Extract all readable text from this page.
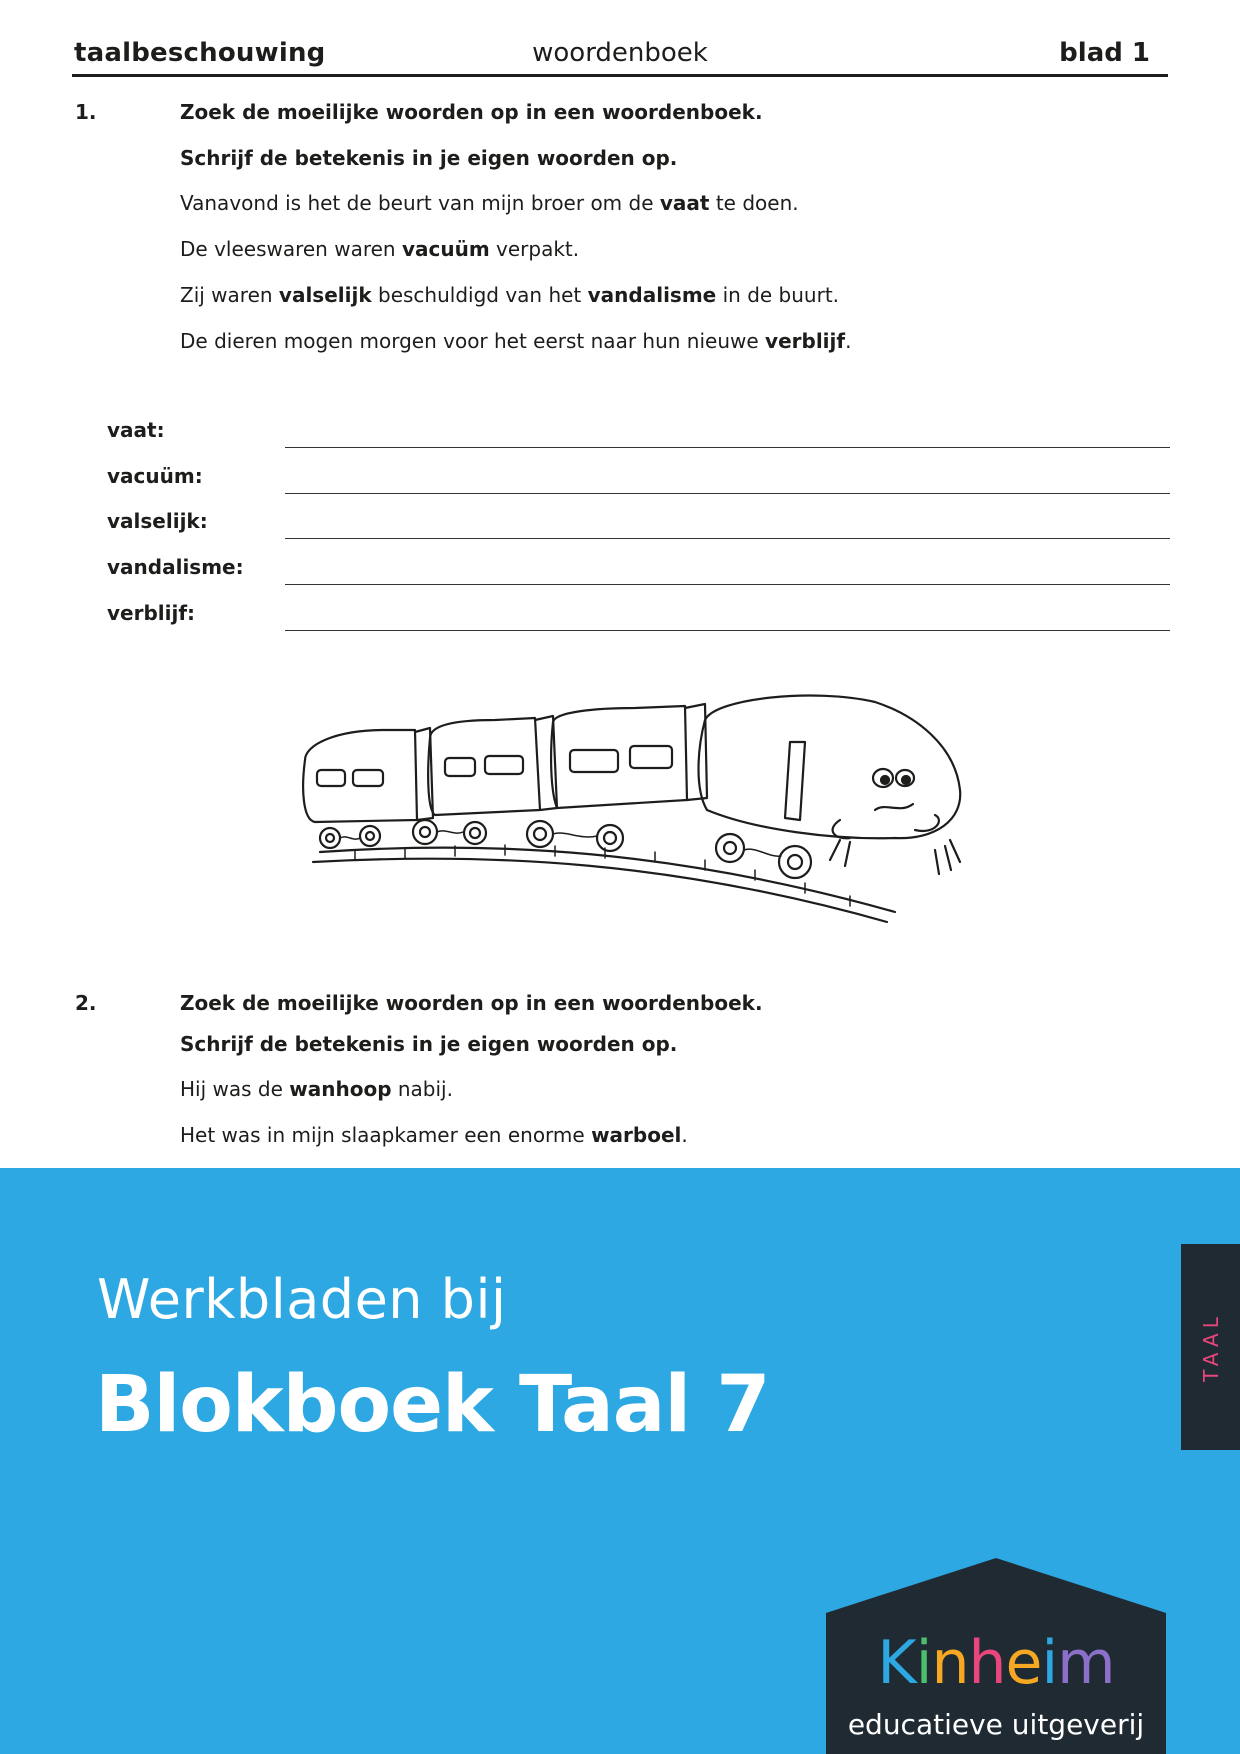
taalbeschouwing	woordenboek	blad 1
1.	Zoek de moeilijke woorden op in een woordenboek.
Schrijf de betekenis in je eigen woorden op.
Vanavond is het de beurt van mijn broer om de vaat te doen.
De vleeswaren waren vacuüm verpakt.
Zij waren valselijk beschuldigd van het vandalisme in de buurt.
De dieren mogen morgen voor het eerst naar hun nieuwe verblijf.
vaat:
vacuüm:
valselijk:
vandalisme:
verblijf:
2.	Zoek de moeilijke woorden op in een woordenboek.
Schrijf de betekenis in je eigen woorden op.
Hij was de wanhoop nabij.
Het was in mijn slaapkamer een enorme warboel.
Werkbladen bij
Blokboek Taal 7
TAAL
Kinheim
educatieve uitgeverij
